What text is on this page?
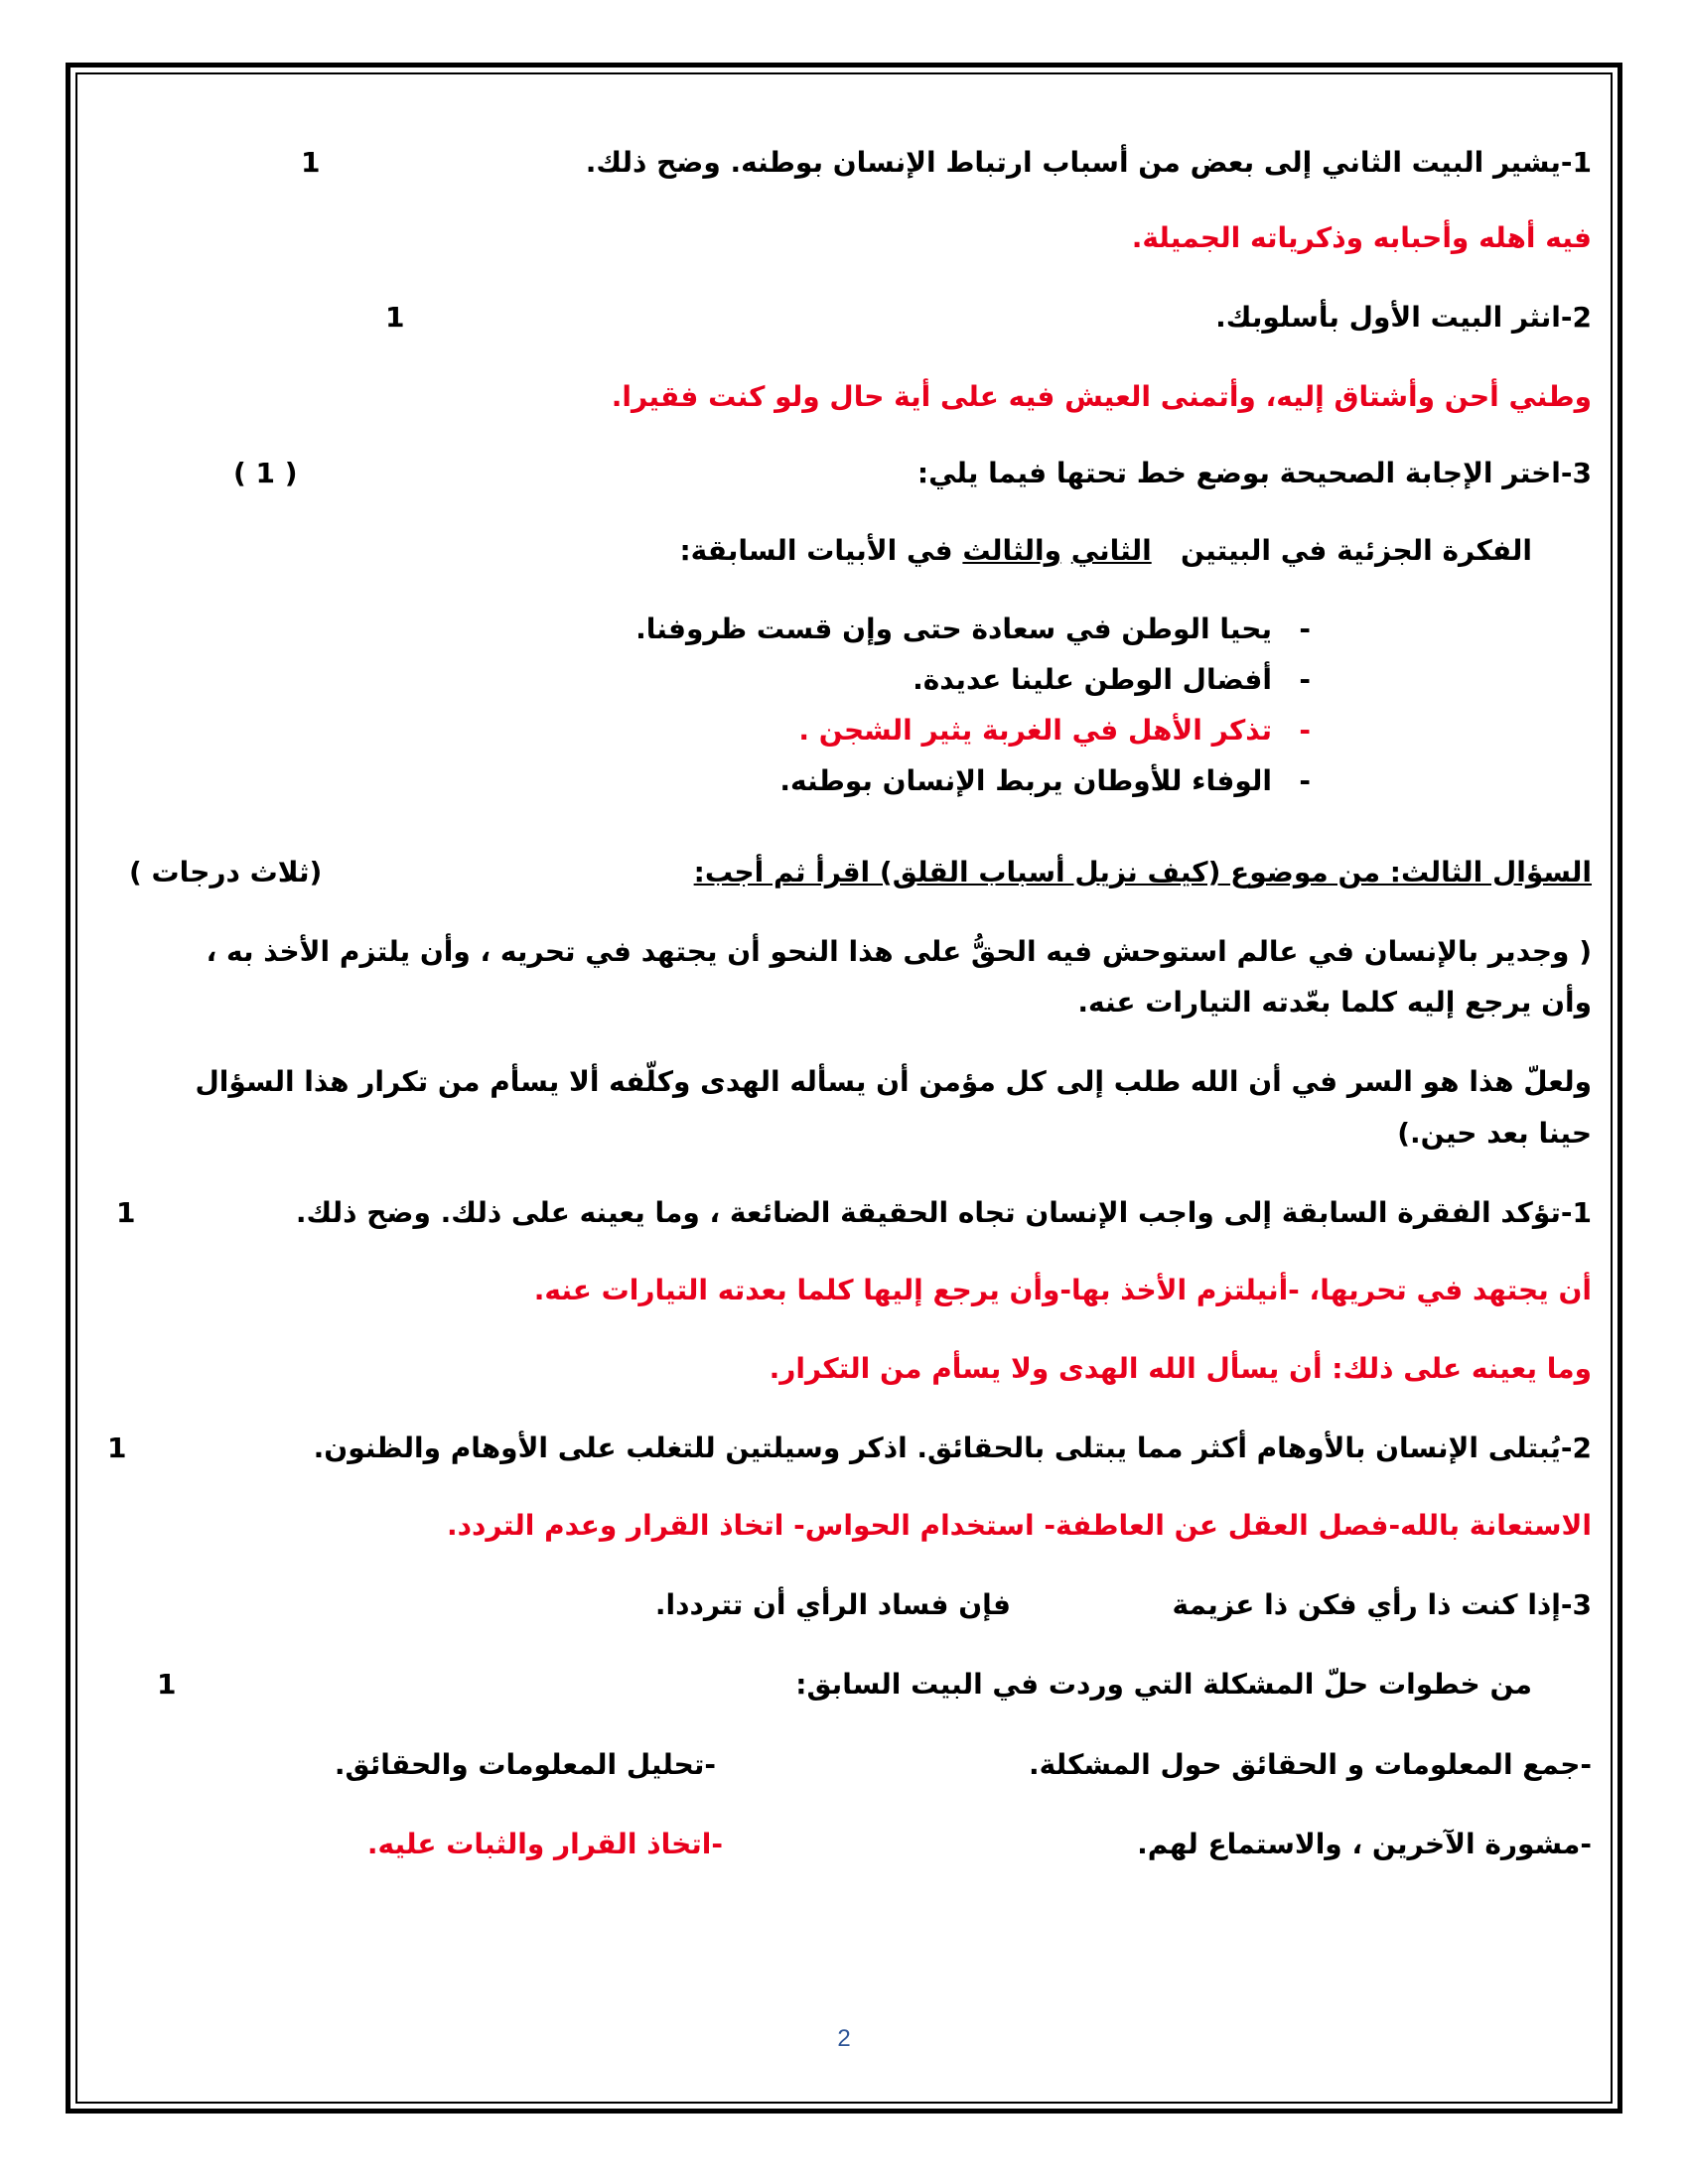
1-يشير البيت الثاني إلى بعض من أسباب ارتباط الإنسان بوطنه. وضح ذلك.
1
فيه أهله وأحبابه وذكرياته الجميلة.
2-انثر البيت الأول بأسلوبك.
1
وطني أحن وأشتاق إليه، وأتمنى العيش فيه على أية حال ولو كنت فقيرا.
3-اختر الإجابة الصحيحة بوضع خط تحتها فيما يلي:
( 1 )
الفكرة الجزئية في البيتين   الثاني والثالث في الأبيات السابقة:
-
يحيا الوطن في سعادة حتى وإن قست ظروفنا.
-
أفضال الوطن علينا عديدة.
-
تذكر الأهل في الغربة يثير الشجن .
-
الوفاء للأوطان يربط الإنسان بوطنه.
السؤال الثالث: من موضوع (كيف نزيل أسباب القلق) اقرأ ثم أجب:
( ثلاث درجات)
( وجدير بالإنسان في عالم استوحش فيه الحقُّ على هذا النحو أن يجتهد في تحريه ، وأن يلتزم الأخذ به ،
وأن يرجع إليه كلما بعّدته التيارات عنه.
ولعلّ هذا هو السر في أن الله طلب إلى كل مؤمن أن يسأله الهدى وكلّفه ألا يسأم من تكرار هذا السؤال
حينا بعد حين.)
1-تؤكد الفقرة السابقة إلى واجب الإنسان تجاه الحقيقة الضائعة ، وما يعينه على ذلك. وضح ذلك.
1
أن يجتهد في تحريها، -أنيلتزم الأخذ بها-وأن يرجع إليها كلما بعدته التيارات عنه.
وما يعينه على ذلك: أن يسأل الله الهدى ولا يسأم من التكرار.
2-يُبتلى الإنسان بالأوهام أكثر مما يبتلى بالحقائق. اذكر وسيلتين للتغلب على الأوهام والظنون.
1
الاستعانة بالله-فصل العقل عن العاطفة- استخدام الحواس- اتخاذ القرار وعدم التردد.
3-إذا كنت ذا رأي فكن ذا عزيمة
فإن فساد الرأي أن تترددا.
من خطوات حلّ المشكلة التي وردت في البيت السابق:
1
-جمع المعلومات و الحقائق حول المشكلة.
-تحليل المعلومات والحقائق.
-مشورة الآخرين ، والاستماع لهم.
-اتخاذ القرار والثبات عليه.
2
